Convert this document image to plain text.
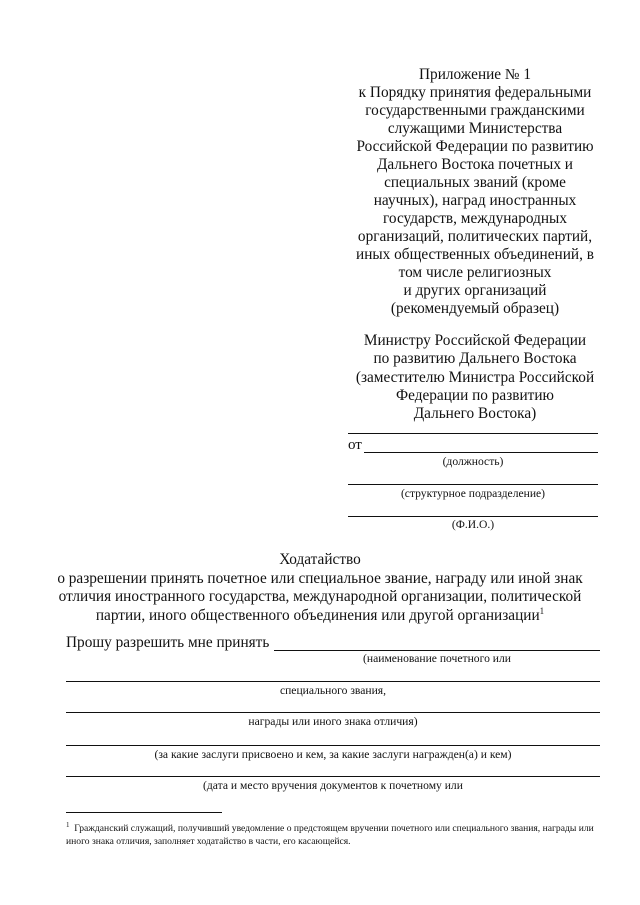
Приложение № 1
к Порядку принятия федеральными
государственными гражданскими
служащими Министерства
Российской Федерации по развитию
Дальнего Востока почетных и
специальных званий (кроме
научных), наград иностранных
государств, международных
организаций, политических партий,
иных общественных объединений, в
том числе религиозных
и других организаций
(рекомендуемый образец)
Министру Российской Федерации
по развитию Дальнего Востока
(заместителю Министра Российской
Федерации по развитию
Дальнего Востока)
от
(должность)
(структурное подразделение)
(Ф.И.О.)
Ходатайство
о разрешении принять почетное или специальное звание, награду или иной знак
отличия иностранного государства, международной организации, политической
партии, иного общественного объединения или другой организации$^1$
Прошу разрешить мне принять
(наименование почетного или
специального звания,
награды или иного знака отличия)
(за какие заслуги присвоено и кем, за какие заслуги награжден(а) и кем)
(дата и место вручения документов к почетному или
$^1$ Гражданский служащий, получивший уведомление о предстоящем вручении почетного или специального звания, награды или иного знака отличия, заполняет ходатайство в части, его касающейся.
